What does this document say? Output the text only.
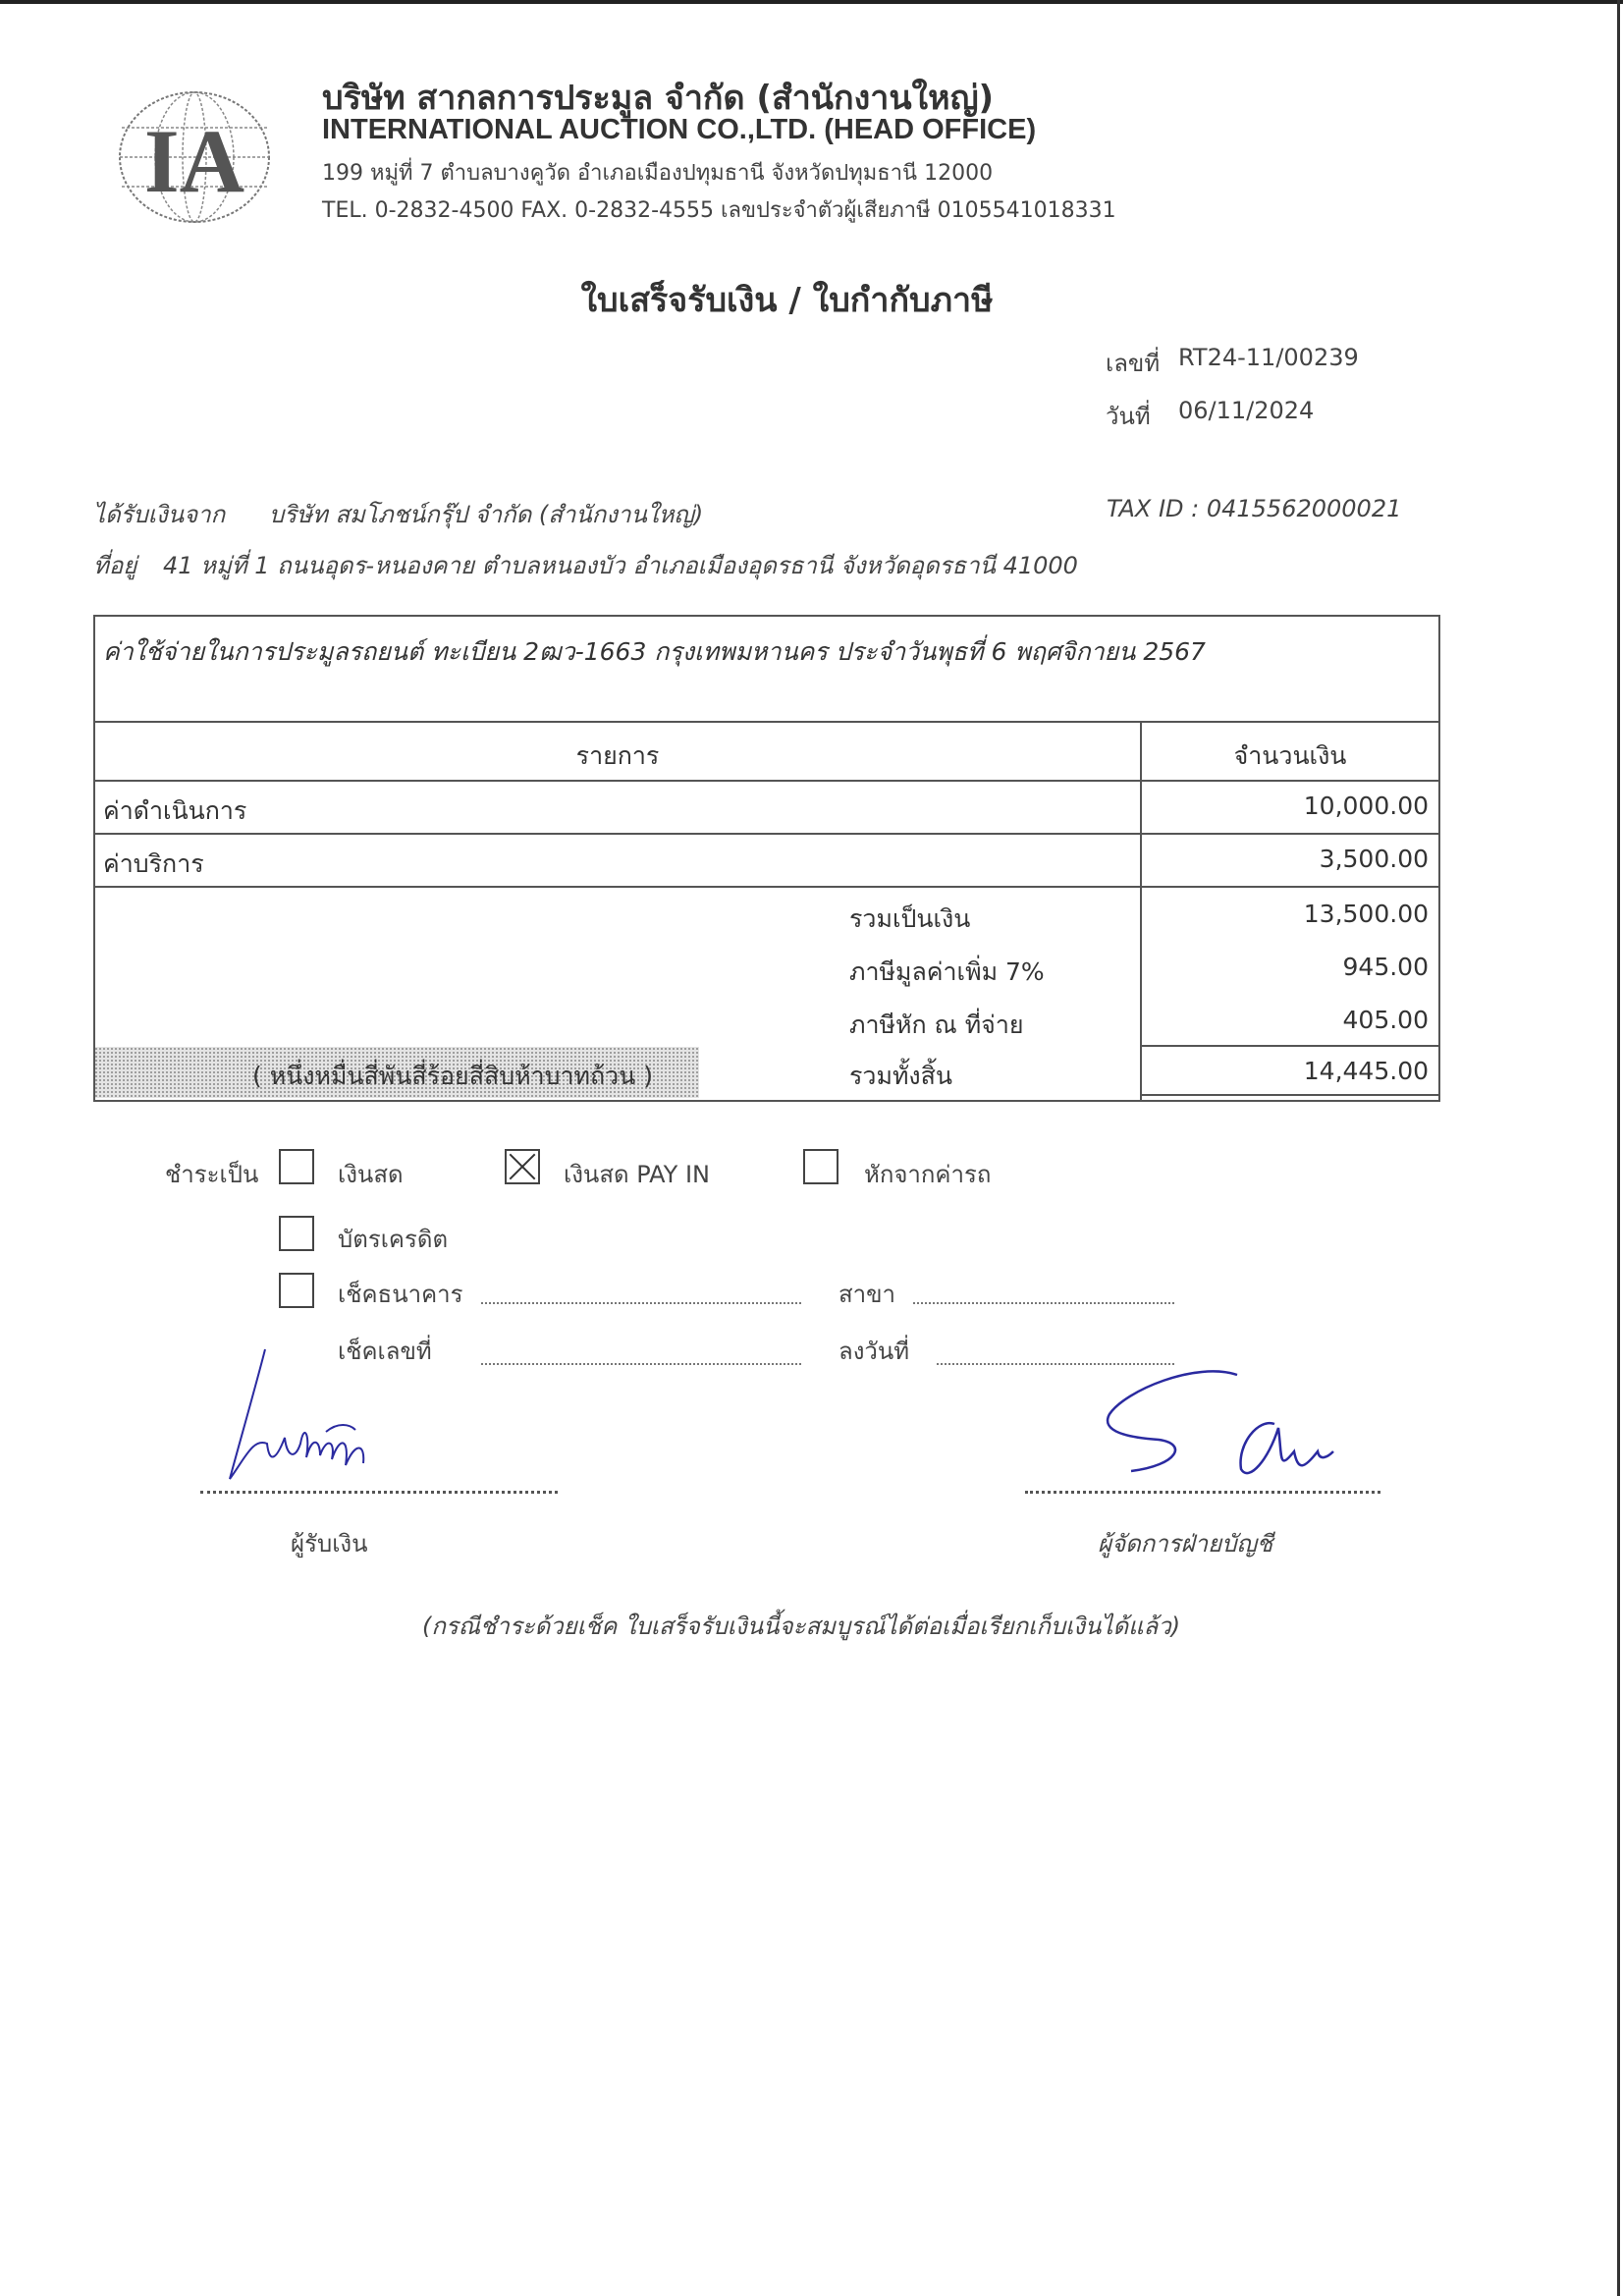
IA
บริษัท สากลการประมูล จำกัด (สำนักงานใหญ่)
INTERNATIONAL AUCTION CO.,LTD. (HEAD OFFICE)
199 หมู่ที่ 7 ตำบลบางคูวัด อำเภอเมืองปทุมธานี จังหวัดปทุมธานี 12000
TEL. 0-2832-4500 FAX. 0-2832-4555 เลขประจำตัวผู้เสียภาษี 0105541018331
ใบเสร็จรับเงิน / ใบกำกับภาษี
เลขที่ RT24-11/00239
วันที่ 06/11/2024
ได้รับเงินจาก บริษัท สมโภชน์กรุ๊ป จำกัด (สำนักงานใหญ่)	TAX ID : 0415562000021
ที่อยู่ 41 หมู่ที่ 1 ถนนอุดร-หนองคาย ตำบลหนองบัว อำเภอเมืองอุดรธานี จังหวัดอุดรธานี 41000
ค่าใช้จ่ายในการประมูลรถยนต์ ทะเบียน 2ฒว-1663 กรุงเทพมหานคร ประจำวันพุธที่ 6 พฤศจิกายน 2567
รายการ	จำนวนเงิน
ค่าดำเนินการ	10,000.00
ค่าบริการ	3,500.00
รวมเป็นเงิน	13,500.00
ภาษีมูลค่าเพิ่ม 7%	945.00
ภาษีหัก ณ ที่จ่าย	405.00
( หนึ่งหมื่นสี่พันสี่ร้อยสี่สิบห้าบาทถ้วน )	รวมทั้งสิ้น	14,445.00
ชำระเป็น	เงินสด	เงินสด PAY IN	หักจากค่ารถ
บัตรเครดิต
เช็คธนาคาร	สาขา
เช็คเลขที่	ลงวันที่
ผู้รับเงิน	ผู้จัดการฝ่ายบัญชี
(กรณีชำระด้วยเช็ค ใบเสร็จรับเงินนี้จะสมบูรณ์ได้ต่อเมื่อเรียกเก็บเงินได้แล้ว)
